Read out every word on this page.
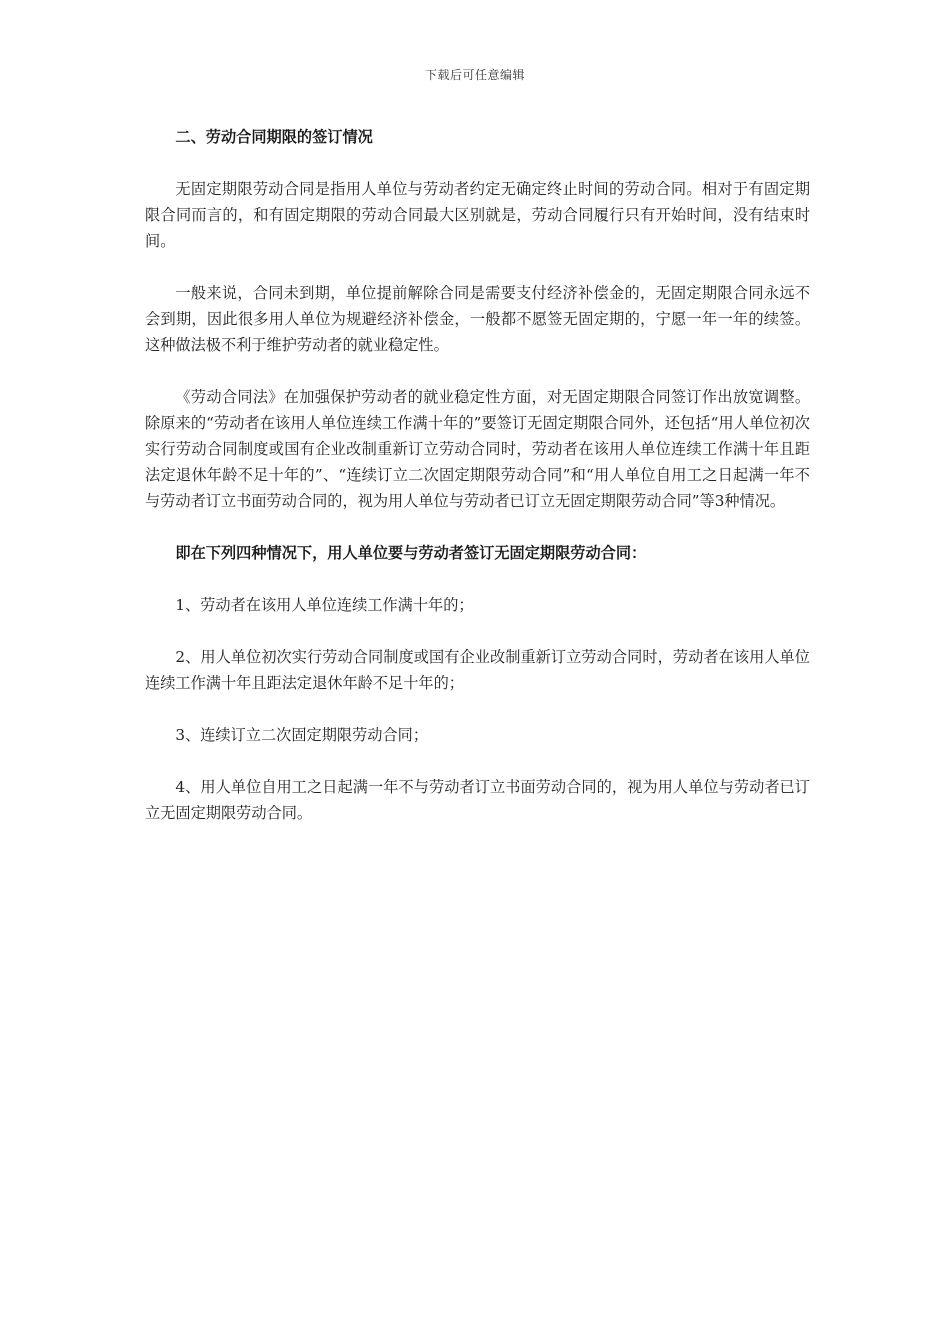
下载后可任意编辑

二、劳动合同期限的签订情况

无固定期限劳动合同是指用人单位与劳动者约定无确定终止时间的劳动合同。相对于有固定期限合同而言的，和有固定期限的劳动合同最大区别就是，劳动合同履行只有开始时间，没有结束时间。

一般来说，合同未到期，单位提前解除合同是需要支付经济补偿金的，无固定期限合同永远不会到期，因此很多用人单位为规避经济补偿金，一般都不愿签无固定期的，宁愿一年一年的续签。这种做法极不利于维护劳动者的就业稳定性。

《劳动合同法》在加强保护劳动者的就业稳定性方面，对无固定期限合同签订作出放宽调整。除原来的“劳动者在该用人单位连续工作满十年的”要签订无固定期限合同外，还包括“用人单位初次实行劳动合同制度或国有企业改制重新订立劳动合同时，劳动者在该用人单位连续工作满十年且距法定退休年龄不足十年的”、“连续订立二次固定期限劳动合同”和“用人单位自用工之日起满一年不与劳动者订立书面劳动合同的，视为用人单位与劳动者已订立无固定期限劳动合同”等3种情况。

即在下列四种情况下，用人单位要与劳动者签订无固定期限劳动合同：

1、劳动者在该用人单位连续工作满十年的；

2、用人单位初次实行劳动合同制度或国有企业改制重新订立劳动合同时，劳动者在该用人单位连续工作满十年且距法定退休年龄不足十年的；

3、连续订立二次固定期限劳动合同；

4、用人单位自用工之日起满一年不与劳动者订立书面劳动合同的，视为用人单位与劳动者已订立无固定期限劳动合同。
